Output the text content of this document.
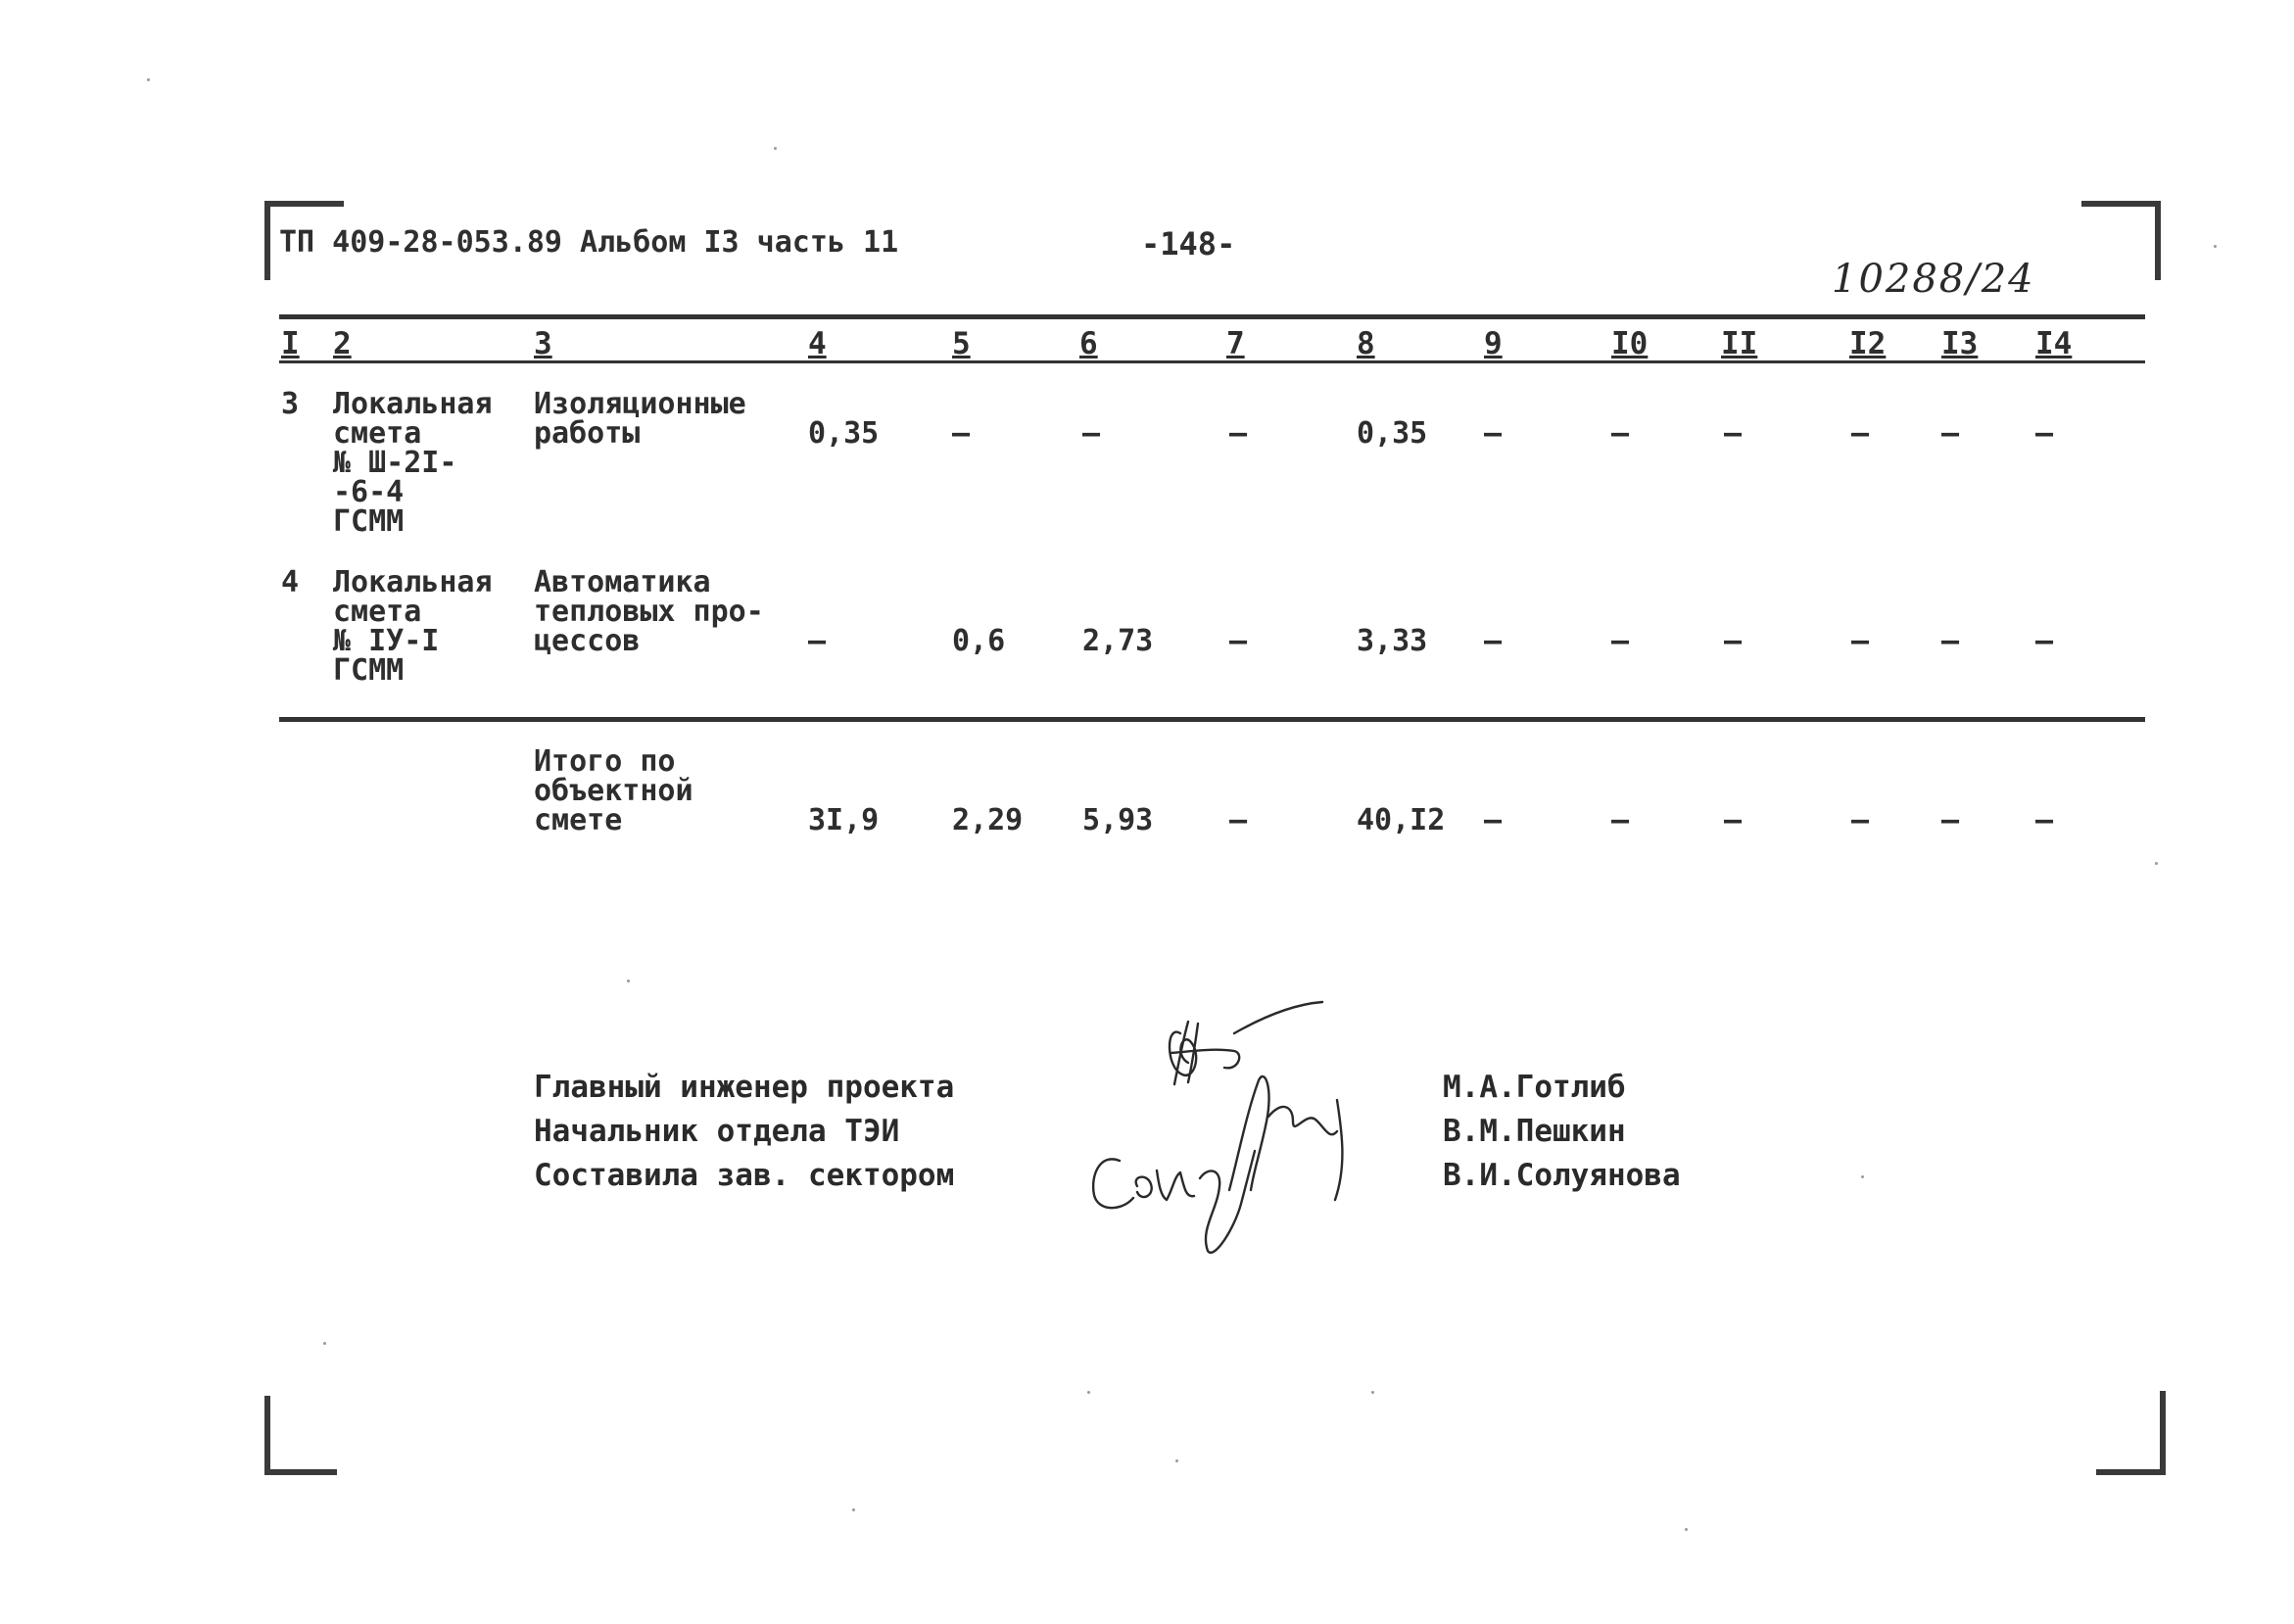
ТП 409-28-053.89 Альбом I3 часть 11	-148-
10288/24
I 2	3	4	5	6	7	8	9	I0 II	I2 I3 I4
3 Локальная
смета
№ Ш-2I-
-6-4
ГСММ
Изоляционные
работы	0,35 –	–	–	0,35 –	–	–	– –	–
4 Локальная
смета
№ IУ-I
ГСММ
Автоматика
тепловых про-
цессов	–	0,6	2,73	–	3,33 –	–	–	– –	–
Итого по
объектной
смете	3I,9 2,29 5,93	–	40,I2 –	–	–	– –	–
Главный инженер проекта
Начальник отдела ТЭИ
Составила зав. сектором
М.А.Готлиб
В.М.Пешкин
В.И.Солуянова
